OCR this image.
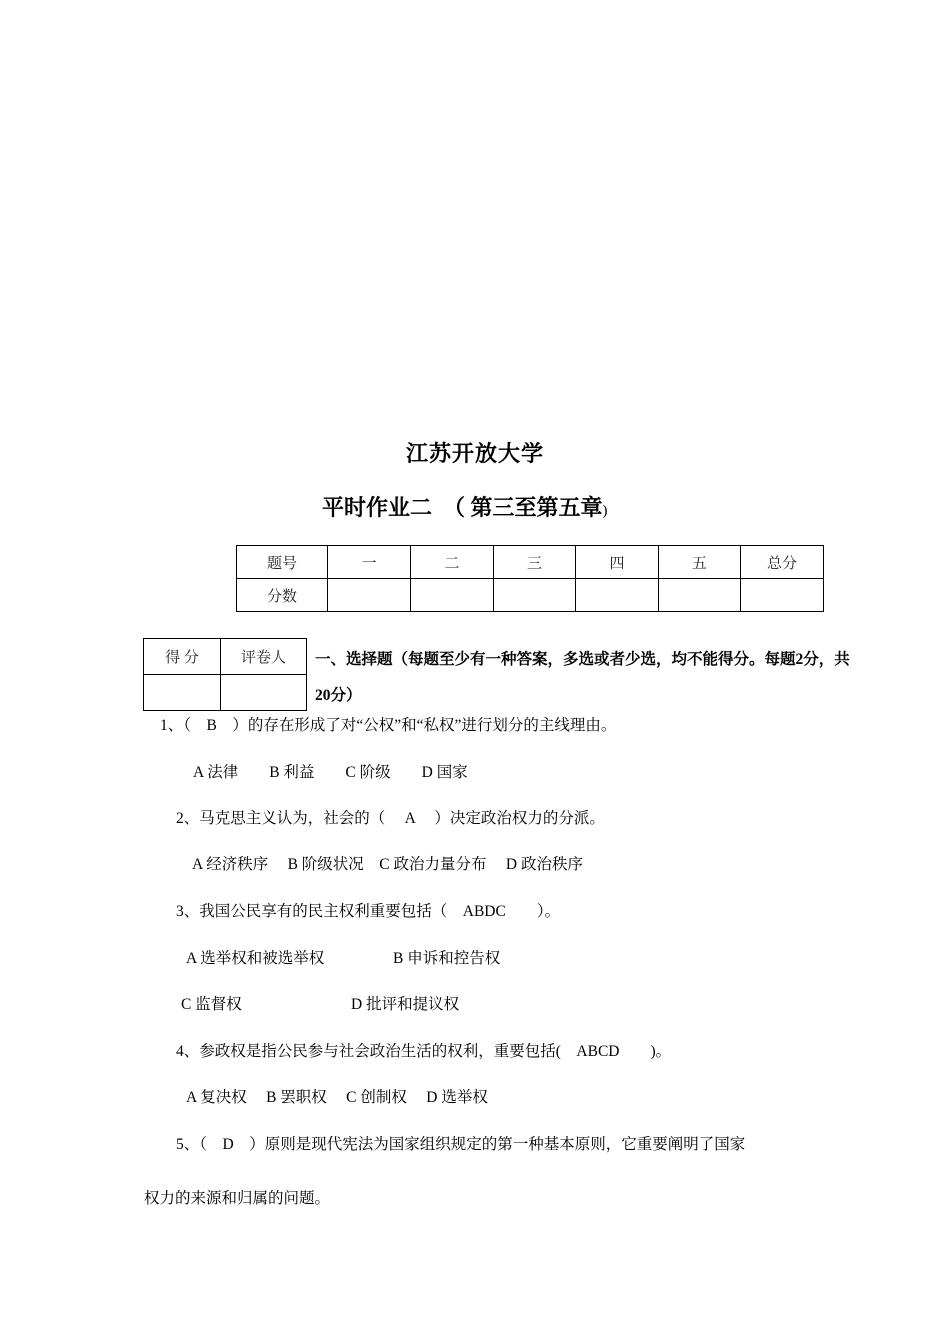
江苏开放大学
平时作业二　（ 第三至第五章)
题号	一	二	三	四	五	总分
分数						
得 分	评卷人
	一、选择题（每题至少有一种答案，多选或者少选，均不能得分。每题2分，共20分）
1、（　B　）的存在形成了对“公权”和“私权”进行划分的主线理由。
A 法律　　B 利益　　C 阶级　　D 国家
2、马克思主义认为，社会的（　 A　 ）决定政治权力的分派。
A 经济秩序　 B 阶级状况　C 政治力量分布　 D 政治秩序
3、我国公民享有的民主权利重要包括（　ABDC　　）。
A 选举权和被选举权	B 申诉和控告权
C 监督权	D 批评和提议权
4、参政权是指公民参与社会政治生活的权利，重要包括(　ABCD　　)。
A 复决权　 B 罢职权　 C 创制权　 D 选举权
5、（　D　）原则是现代宪法为国家组织规定的第一种基本原则，它重要阐明了国家
权力的来源和归属的问题。
